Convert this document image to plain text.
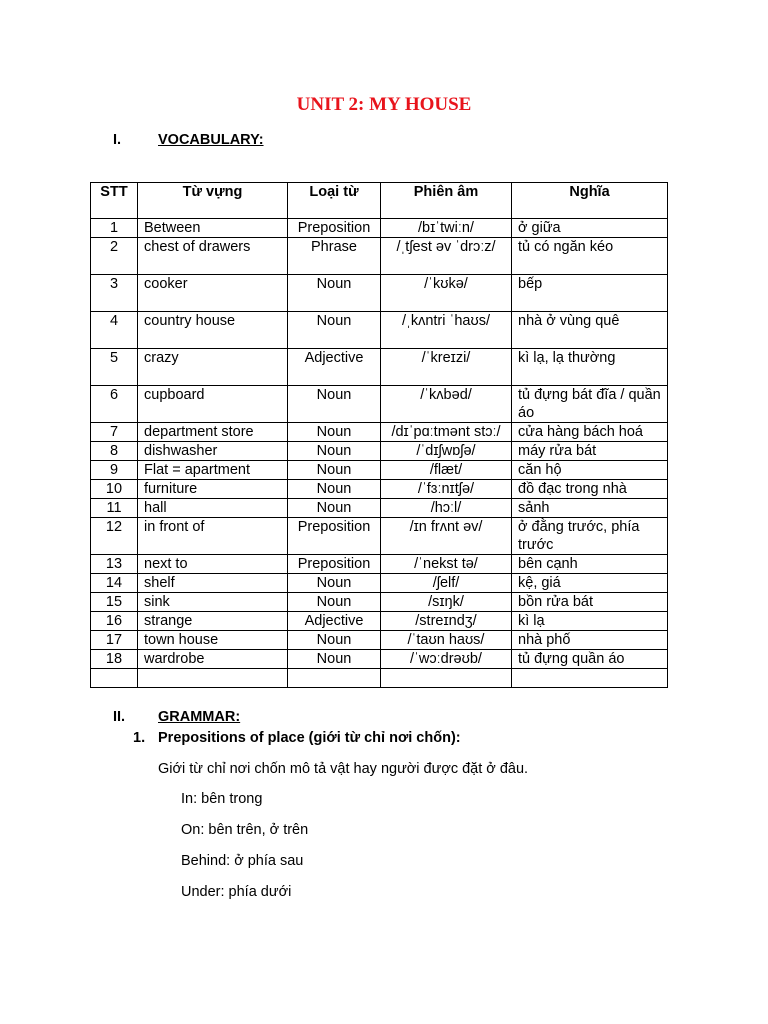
UNIT 2: MY HOUSE
I.	VOCABULARY:
STT	Từ vựng	Loại từ	Phiên âm	Nghĩa
1	Between	Preposition	/bɪˈtwiːn/	ở giữa
2	chest of drawers	Phrase	/ˌtʃest əv ˈdrɔːz/	tủ có ngăn kéo
3	cooker	Noun	/ˈkʊkə/	bếp
4	country house	Noun	/ˌkʌntri ˈhaʊs/	nhà ở vùng quê
5	crazy	Adjective	/ˈkreɪzi/	kì lạ, lạ thường
6	cupboard	Noun	/ˈkʌbəd/	tủ đựng bát đĩa / quần áo
7	department store	Noun	/dɪˈpɑːtmənt stɔː/	cửa hàng bách hoá
8	dishwasher	Noun	/ˈdɪʃwɒʃə/	máy rửa bát
9	Flat = apartment	Noun	/flæt/	căn hộ
10	furniture	Noun	/ˈfɜːnɪtʃə/	đồ đạc trong nhà
11	hall	Noun	/hɔːl/	sảnh
12	in front of	Preposition	/ɪn frʌnt əv/	ở đằng trước, phía trước
13	next to	Preposition	/ˈnekst tə/	bên cạnh
14	shelf	Noun	/ʃelf/	kệ, giá
15	sink	Noun	/sɪŋk/	bồn rửa bát
16	strange	Adjective	/streɪndʒ/	kì lạ
17	town house	Noun	/ˈtaʊn haʊs/	nhà phố
18	wardrobe	Noun	/ˈwɔːdrəʊb/	tủ đựng quần áo

II. GRAMMAR:
1. Prepositions of place (giới từ chỉ nơi chốn):
Giới từ chỉ nơi chốn mô tả vật hay người được đặt ở đâu.
In: bên trong
On: bên trên, ở trên
Behind: ở phía sau
Under: phía dưới
